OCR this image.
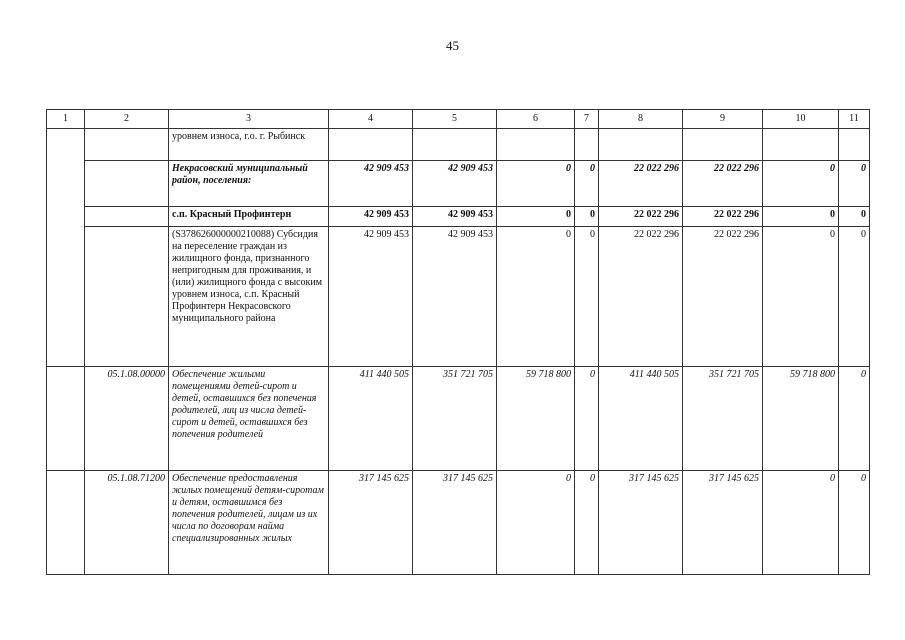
45
1	2	3	4	5	6	7	8	9	10	11
		уровнем износа, г.о. г. Рыбинск								
		Некрасовский муниципальный район, поселения:	42 909 453	42 909 453	0	0	22 022 296	22 022 296	0	0
		с.п. Красный Профинтерн	42 909 453	42 909 453	0	0	22 022 296	22 022 296	0	0
		(S378626000000210088) Субсидия на переселение граждан из жилищного фонда, признанного непригодным для проживания, и (или) жилищного фонда с высоким уровнем износа, с.п. Красный Профинтерн Некрасовского муниципального района	42 909 453	42 909 453	0	0	22 022 296	22 022 296	0	0
	05.1.08.00000	Обеспечение жилыми помещениями детей-сирот и детей, оставшихся без попечения родителей, лиц из числа детей-сирот и детей, оставшихся без попечения родителей	411 440 505	351 721 705	59 718 800	0	411 440 505	351 721 705	59 718 800	0
	05.1.08.71200	Обеспечение предоставления жилых помещений детям-сиротам и детям, оставшимся без попечения родителей, лицам из их числа по договорам найма специализированных жилых	317 145 625	317 145 625	0	0	317 145 625	317 145 625	0	0
